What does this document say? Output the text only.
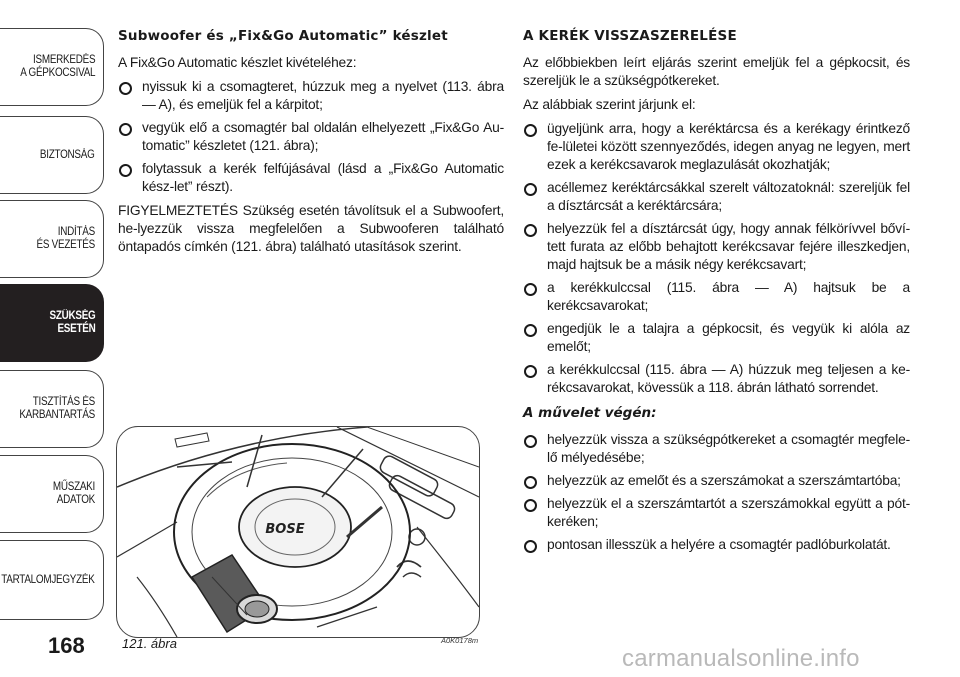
ISMERKEDÉS
A GÉPKOCSIVAL
BIZTONSÁG
INDÍTÁS
ÉS VEZETÉS
SZÜKSÉG
ESETÉN
TISZTÍTÁS ÉS
KARBANTARTÁS
MŰSZAKI
ADATOK
TARTALOMJEGYZÉK
168
Subwoofer és „Fix&Go Automatic” készlet
A Fix&Go Automatic készlet kivételéhez:
nyissuk ki a csomagteret, húzzuk meg a nyelvet (113. ábra — A), és emeljük fel a kárpitot;
vegyük elő a csomagtér bal oldalán elhelyezett „Fix&Go Au-tomatic” készletet (121. ábra);
folytassuk a kerék felfújásával (lásd a „Fix&Go Automatic kész-let” részt).
FIGYELMEZTETÉS Szükség esetén távolítsuk el a Subwoofert, he-lyezzük vissza megfelelően a Subwooferen található öntapadós címkén (121. ábra) található utasítások szerint.
A KERÉK VISSZASZERELÉSE
Az előbbiekben leírt eljárás szerint emeljük fel a gépkocsit, és szereljük le a szükségpótkereket.
Az alábbiak szerint járjunk el:
ügyeljünk arra, hogy a keréktárcsa és a kerékagy érintkező fe-lületei között szennyeződés, idegen anyag ne legyen, mert ezek a kerékcsavarok meglazulását okozhatják;
acéllemez keréktárcsákkal szerelt változatoknál: szereljük fel a dísztárcsát a keréktárcsára;
helyezzük fel a dísztárcsát úgy, hogy annak félkörívvel bőví-tett furata az előbb behajtott kerékcsavar fejére illeszkedjen, majd hajtsuk be a másik négy kerékcsavart;
a kerékkulccsal (115. ábra — A) hajtsuk be a kerékcsavarokat;
engedjük le a talajra a gépkocsit, és vegyük ki alóla az emelőt;
a kerékkulccsal (115. ábra — A) húzzuk meg teljesen a ke-rékcsavarokat, kövessük a 118. ábrán látható sorrendet.
A művelet végén:
helyezzük vissza a szükségpótkereket a csomagtér megfele-lő mélyedésébe;
helyezzük az emelőt és a szerszámokat a szerszámtartóba;
helyezzük el a szerszámtartót a szerszámokkal együtt a pót-keréken;
pontosan illesszük a helyére a csomagtér padlóburkolatát.
BOSE
121. ábra	A0K0178m
carmanualsonline.info
